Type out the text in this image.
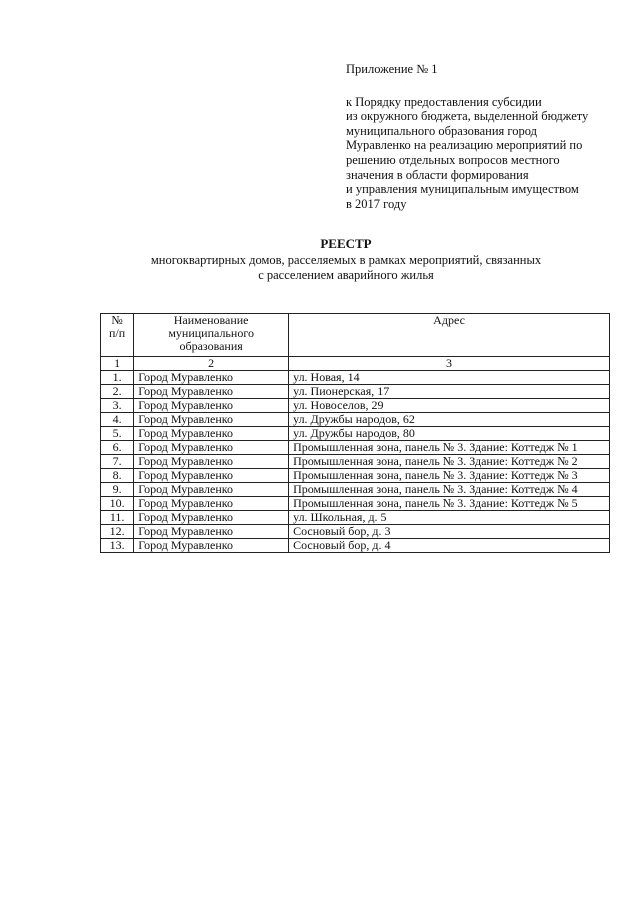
Приложение № 1
к Порядку предоставления субсидии
из окружного бюджета, выделенной бюджету
муниципального образования город
Муравленко на реализацию мероприятий по
решению отдельных вопросов местного
значения в области формирования
и управления муниципальным имуществом
в 2017 году
РЕЕСТР
многоквартирных домов, расселяемых в рамках мероприятий, связанных
с расселением аварийного жилья
№ п/п	Наименование муниципального образования	Адрес
1	2	3
1.	Город Муравленко	ул. Новая, 14
2.	Город Муравленко	ул. Пионерская, 17
3.	Город Муравленко	ул. Новоселов, 29
4.	Город Муравленко	ул. Дружбы народов, 62
5.	Город Муравленко	ул. Дружбы народов, 80
6.	Город Муравленко	Промышленная зона, панель № 3. Здание: Коттедж № 1
7.	Город Муравленко	Промышленная зона, панель № 3. Здание: Коттедж № 2
8.	Город Муравленко	Промышленная зона, панель № 3. Здание: Коттедж № 3
9.	Город Муравленко	Промышленная зона, панель № 3. Здание: Коттедж № 4
10.	Город Муравленко	Промышленная зона, панель № 3. Здание: Коттедж № 5
11.	Город Муравленко	ул. Школьная, д. 5
12.	Город Муравленко	Сосновый бор, д. 3
13.	Город Муравленко	Сосновый бор, д. 4
